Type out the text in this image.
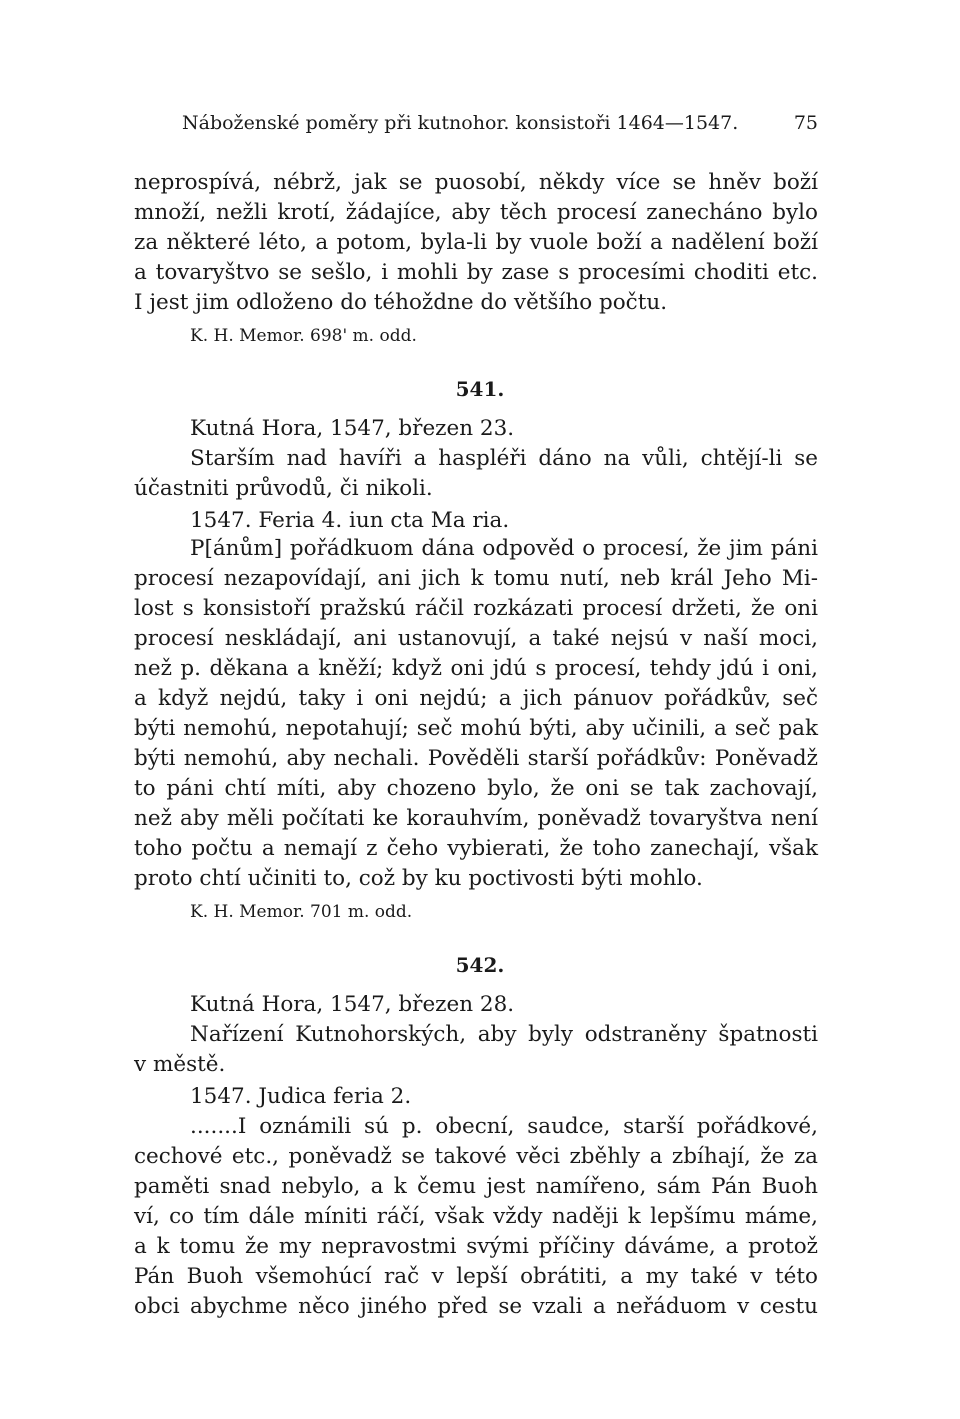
Náboženské poměry při kutnohor. konsistoři 1464—1547.	75
neprospívá, nébrž, jak se puosobí, někdy více se hněv boží
množí, nežli krotí, žádajíce, aby těch procesí zanecháno bylo
za některé léto, a potom, byla-li by vuole boží a nadělení boží
a tovaryštvo se sešlo, i mohli by zase s procesími choditi etc.
I jest jim odloženo do téhoždne do většího počtu.
K. H. Memor. 698' m. odd.
541.
Kutná Hora, 1547, březen 23.
Starším nad havíři a haspléři dáno na vůli, chtějí-li se
účastniti průvodů, či nikoli.
1547. Feria 4. iun cta Ma ria.
P[ánům] pořádkuom dána odpověd o procesí, že jim páni
procesí nezapovídají, ani jich k tomu nutí, neb král Jeho Mi-
lost s konsistoří pražskú ráčil rozkázati procesí držeti, že oni
procesí neskládají, ani ustanovují, a také nejsú v naší moci,
než p. děkana a kněží; když oni jdú s procesí, tehdy jdú i oni,
a když nejdú, taky i oni nejdú; a jich pánuov pořádkův, seč
býti nemohú, nepotahují; seč mohú býti, aby učinili, a seč pak
býti nemohú, aby nechali. Pověděli starší pořádkův: Poněvadž
to páni chtí míti, aby chozeno bylo, že oni se tak zachovají,
než aby měli počítati ke korauhvím, poněvadž tovaryštva není
toho počtu a nemají z čeho vybierati, že toho zanechají, však
proto chtí učiniti to, což by ku poctivosti býti mohlo.
K. H. Memor. 701 m. odd.
542.
Kutná Hora, 1547, březen 28.
Nařízení Kutnohorských, aby byly odstraněny špatnosti
v městě.
1547. Judica feria 2.
.......I oznámili sú p. obecní, saudce, starší pořádkové,
cechové etc., poněvadž se takové věci zběhly a zbíhají, že za
paměti snad nebylo, a k čemu jest namířeno, sám Pán Buoh
ví, co tím dále míniti ráčí, však vždy naději k lepšímu máme,
a k tomu že my nepravostmi svými příčiny dáváme, a protož
Pán Buoh všemohúcí rač v lepší obrátiti, a my také v této
obci abychme něco jiného před se vzali a neřáduom v cestu
